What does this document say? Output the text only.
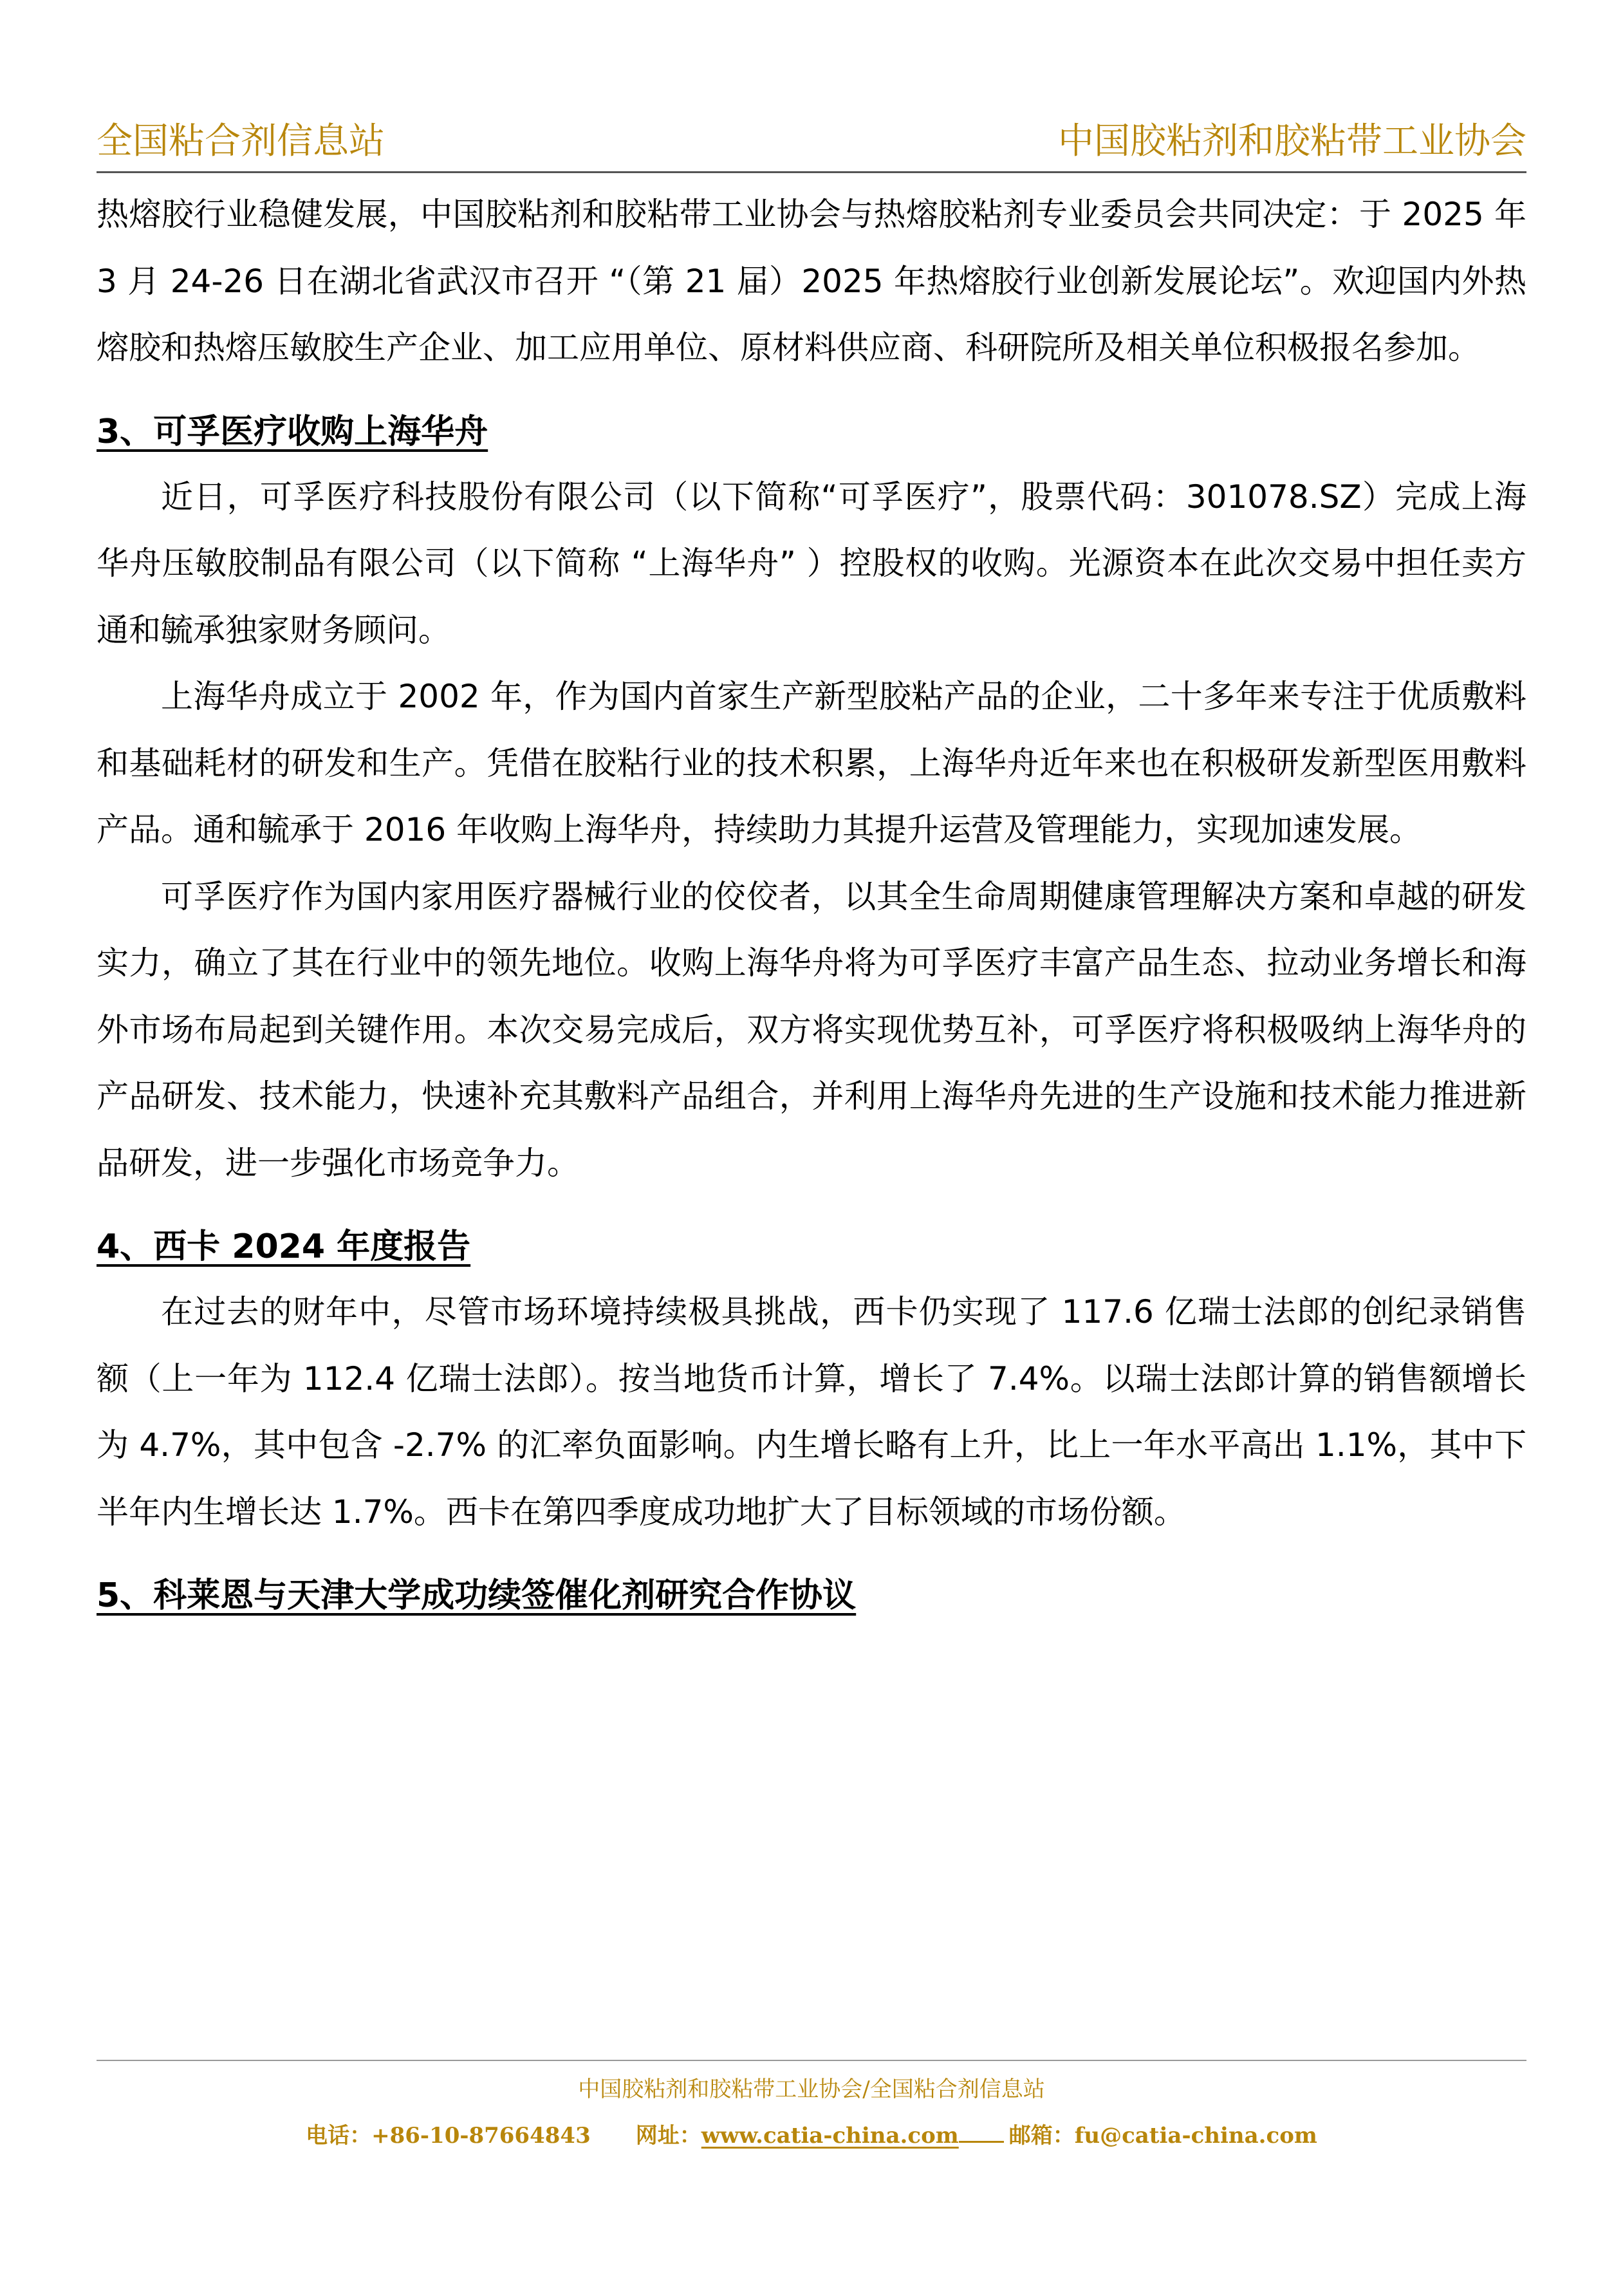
全国粘合剂信息站	中国胶粘剂和胶粘带工业协会

热熔胶行业稳健发展，中国胶粘剂和胶粘带工业协会与热熔胶粘剂专业委员会共同决定：于 2025 年 3 月 24-26 日在湖北省武汉市召开 “（第 21 届）2025 年热熔胶行业创新发展论坛”。欢迎国内外热熔胶和热熔压敏胶生产企业、加工应用单位、原材料供应商、科研院所及相关单位积极报名参加。

3、可孚医疗收购上海华舟

近日，可孚医疗科技股份有限公司（以下简称“可孚医疗”，股票代码：301078.SZ）完成上海华舟压敏胶制品有限公司（以下简称 “上海华舟” ）控股权的收购。光源资本在此次交易中担任卖方通和毓承独家财务顾问。

上海华舟成立于 2002 年，作为国内首家生产新型胶粘产品的企业，二十多年来专注于优质敷料和基础耗材的研发和生产。凭借在胶粘行业的技术积累，上海华舟近年来也在积极研发新型医用敷料产品。通和毓承于 2016 年收购上海华舟，持续助力其提升运营及管理能力，实现加速发展。

可孚医疗作为国内家用医疗器械行业的佼佼者，以其全生命周期健康管理解决方案和卓越的研发实力，确立了其在行业中的领先地位。收购上海华舟将为可孚医疗丰富产品生态、拉动业务增长和海外市场布局起到关键作用。本次交易完成后，双方将实现优势互补，可孚医疗将积极吸纳上海华舟的产品研发、技术能力，快速补充其敷料产品组合，并利用上海华舟先进的生产设施和技术能力推进新品研发，进一步强化市场竞争力。

4、西卡 2024 年度报告

在过去的财年中，尽管市场环境持续极具挑战，西卡仍实现了 117.6 亿瑞士法郎的创纪录销售额（上一年为 112.4 亿瑞士法郎）。按当地货币计算，增长了 7.4%。以瑞士法郎计算的销售额增长为 4.7%，其中包含 -2.7% 的汇率负面影响。内生增长略有上升，比上一年水平高出 1.1%，其中下半年内生增长达 1.7%。西卡在第四季度成功地扩大了目标领域的市场份额。

5、科莱恩与天津大学成功续签催化剂研究合作协议
中国胶粘剂和胶粘带工业协会/全国粘合剂信息站
电话：+86-10-87664843 网址：www.catia-china.com 邮箱：fu@catia-china.com
